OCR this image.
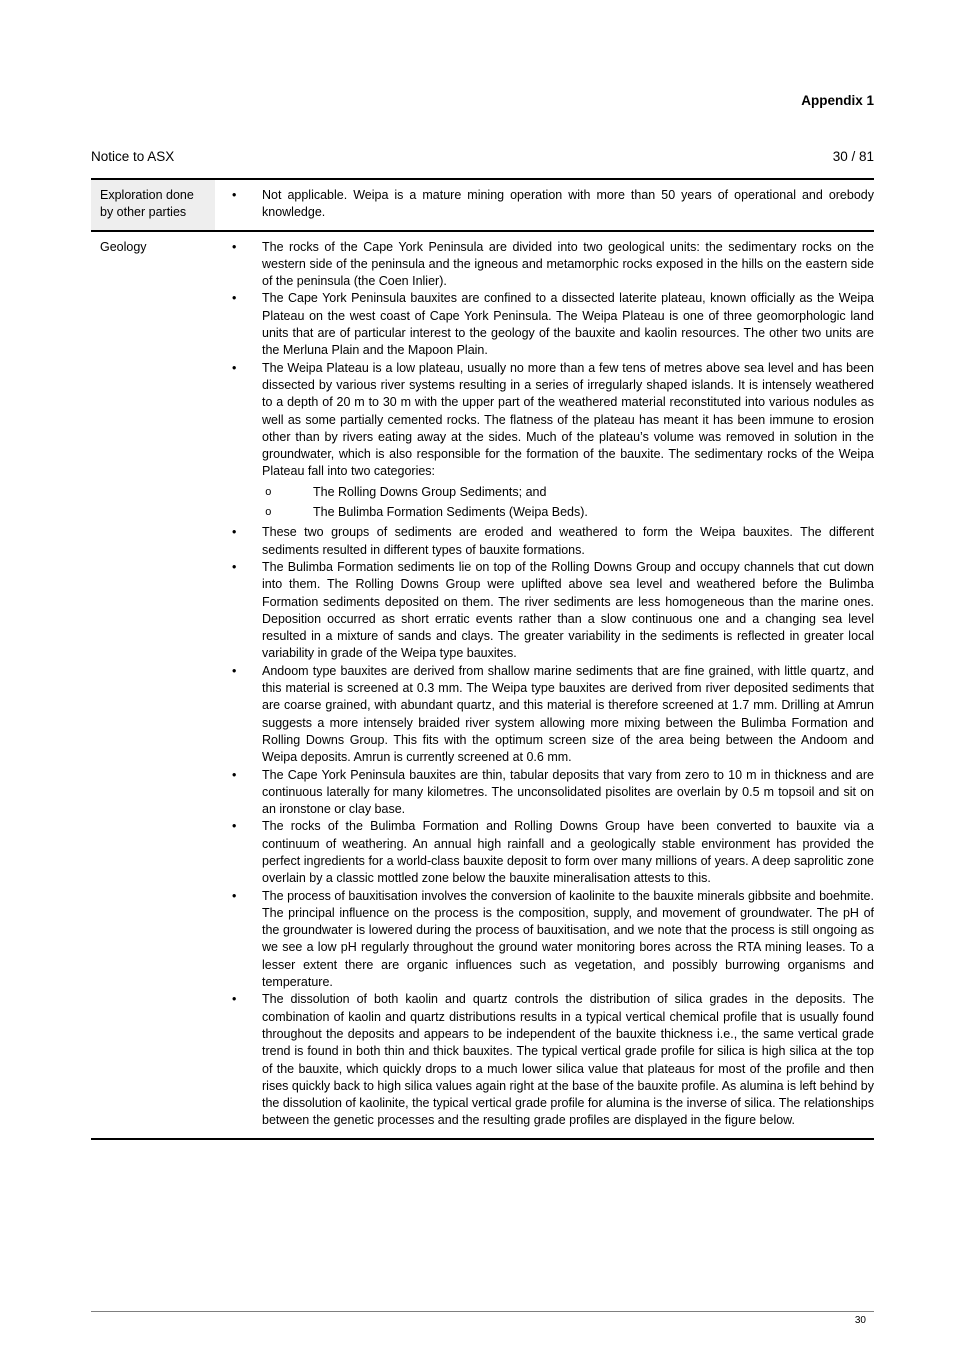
Appendix 1
Notice to ASX	30 / 81
Exploration done by other parties
• Not applicable. Weipa is a mature mining operation with more than 50 years of operational and orebody knowledge.
Geology	• The rocks of the Cape York Peninsula are divided into two geological units: the sedimentary rocks on the western side of the peninsula and the igneous and metamorphic rocks exposed in the hills on the eastern side of the peninsula (the Coen Inlier).
• The Cape York Peninsula bauxites are confined to a dissected laterite plateau, known officially as the Weipa Plateau on the west coast of Cape York Peninsula. The Weipa Plateau is one of three geomorphologic land units that are of particular interest to the geology of the bauxite and kaolin resources. The other two units are the Merluna Plain and the Mapoon Plain.
• The Weipa Plateau is a low plateau, usually no more than a few tens of metres above sea level and has been dissected by various river systems resulting in a series of irregularly shaped islands. It is intensely weathered to a depth of 20 m to 30 m with the upper part of the weathered material reconstituted into various nodules as well as some partially cemented rocks. The flatness of the plateau has meant it has been immune to erosion other than by rivers eating away at the sides. Much of the plateau’s volume was removed in solution in the groundwater, which is also responsible for the formation of the bauxite. The sedimentary rocks of the Weipa Plateau fall into two categories:
o The Rolling Downs Group Sediments; and
o The Bulimba Formation Sediments (Weipa Beds).
• These two groups of sediments are eroded and weathered to form the Weipa bauxites. The different sediments resulted in different types of bauxite formations.
• The Bulimba Formation sediments lie on top of the Rolling Downs Group and occupy channels that cut down into them. The Rolling Downs Group were uplifted above sea level and weathered before the Bulimba Formation sediments deposited on them. The river sediments are less homogeneous than the marine ones. Deposition occurred as short erratic events rather than a slow continuous one and a changing sea level resulted in a mixture of sands and clays. The greater variability in the sediments is reflected in greater local variability in grade of the Weipa type bauxites.
• Andoom type bauxites are derived from shallow marine sediments that are fine grained, with little quartz, and this material is screened at 0.3 mm. The Weipa type bauxites are derived from river deposited sediments that are coarse grained, with abundant quartz, and this material is therefore screened at 1.7 mm. Drilling at Amrun suggests a more intensely braided river system allowing more mixing between the Bulimba Formation and Rolling Downs Group. This fits with the optimum screen size of the area being between the Andoom and Weipa deposits. Amrun is currently screened at 0.6 mm.
• The Cape York Peninsula bauxites are thin, tabular deposits that vary from zero to 10 m in thickness and are continuous laterally for many kilometres. The unconsolidated pisolites are overlain by 0.5 m topsoil and sit on an ironstone or clay base.
• The rocks of the Bulimba Formation and Rolling Downs Group have been converted to bauxite via a continuum of weathering. An annual high rainfall and a geologically stable environment has provided the perfect ingredients for a world-class bauxite deposit to form over many millions of years. A deep saprolitic zone overlain by a classic mottled zone below the bauxite mineralisation attests to this.
• The process of bauxitisation involves the conversion of kaolinite to the bauxite minerals gibbsite and boehmite. The principal influence on the process is the composition, supply, and movement of groundwater. The pH of the groundwater is lowered during the process of bauxitisation, and we note that the process is still ongoing as we see a low pH regularly throughout the ground water monitoring bores across the RTA mining leases. To a lesser extent there are organic influences such as vegetation, and possibly burrowing organisms and temperature.
• The dissolution of both kaolin and quartz controls the distribution of silica grades in the deposits. The combination of kaolin and quartz distributions results in a typical vertical chemical profile that is usually found throughout the deposits and appears to be independent of the bauxite thickness i.e., the same vertical grade trend is found in both thin and thick bauxites. The typical vertical grade profile for silica is high silica at the top of the bauxite, which quickly drops to a much lower silica value that plateaus for most of the profile and then rises quickly back to high silica values again right at the base of the bauxite profile. As alumina is left behind by the dissolution of kaolinite, the typical vertical grade profile for alumina is the inverse of silica. The relationships between the genetic processes and the resulting grade profiles are displayed in the figure below.
30
